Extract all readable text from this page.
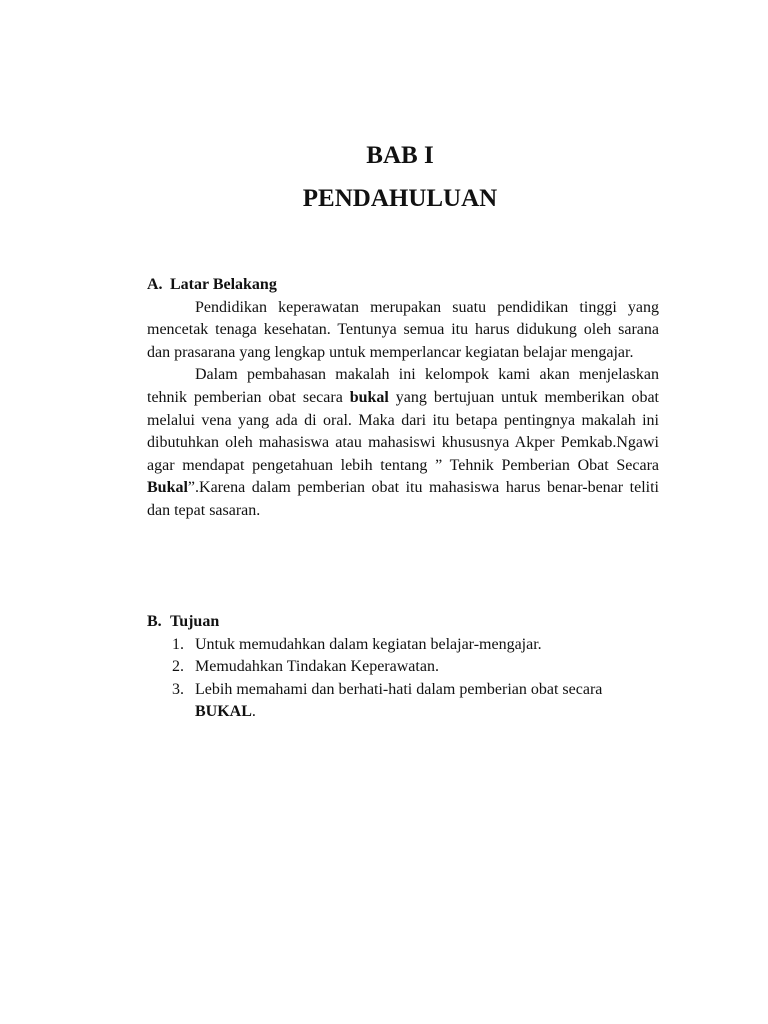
BAB I
PENDAHULUAN

A. Latar Belakang

Pendidikan keperawatan merupakan suatu pendidikan tinggi yang mencetak tenaga kesehatan. Tentunya semua itu harus didukung oleh sarana dan prasarana yang lengkap untuk memperlancar kegiatan belajar mengajar.

Dalam pembahasan makalah ini kelompok kami akan menjelaskan tehnik pemberian obat secara bukal yang bertujuan untuk memberikan obat melalui vena yang ada di oral. Maka dari itu betapa pentingnya makalah ini dibutuhkan oleh mahasiswa atau mahasiswi khususnya Akper Pemkab.Ngawi agar mendapat pengetahuan lebih tentang ” Tehnik Pemberian Obat Secara Bukal”.Karena dalam pemberian obat itu mahasiswa harus benar-benar teliti dan tepat sasaran.

B. Tujuan

1. Untuk memudahkan dalam kegiatan belajar-mengajar.
2. Memudahkan Tindakan Keperawatan.
3. Lebih memahami dan berhati-hati dalam pemberian obat secara BUKAL.
